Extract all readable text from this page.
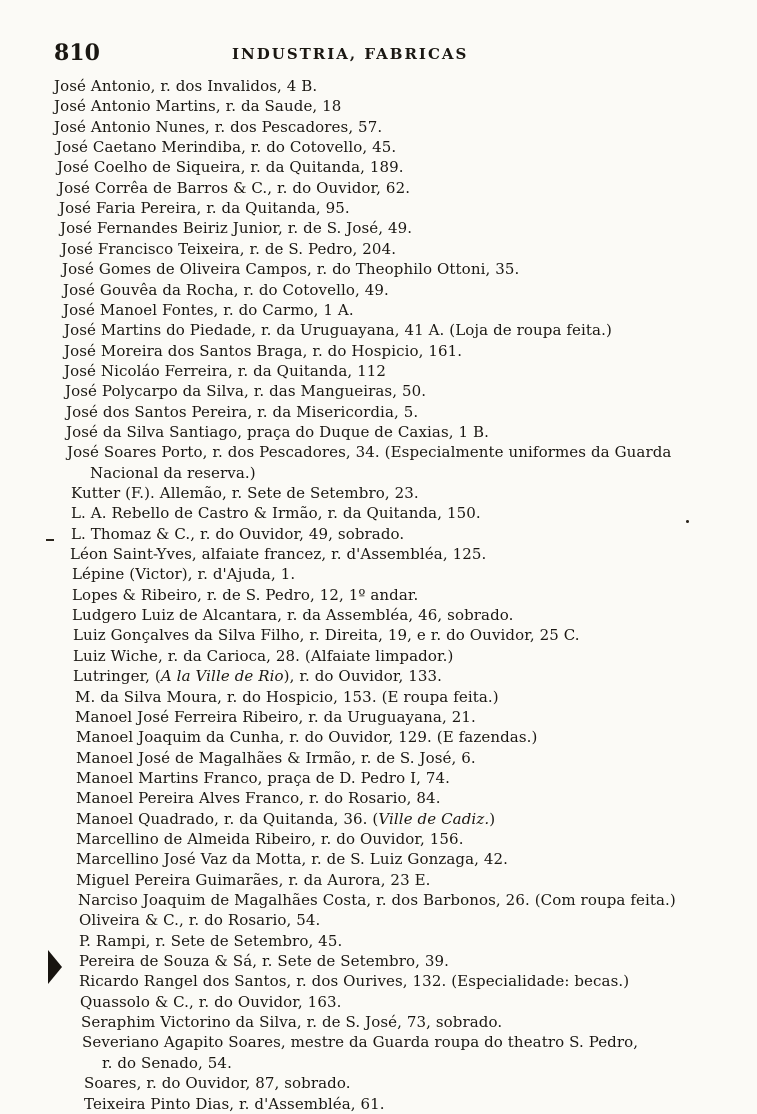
810	INDUSTRIA, FABRICAS
José Antonio, r. dos Invalidos, 4 B.
José Antonio Martins, r. da Saude, 18
José Antonio Nunes, r. dos Pescadores, 57.
José Caetano Merindiba, r. do Cotovello, 45.
José Coelho de Siqueira, r. da Quitanda, 189.
José Corrêa de Barros & C., r. do Ouvidor, 62.
José Faria Pereira, r. da Quitanda, 95.
José Fernandes Beiriz Junior, r. de S. José, 49.
José Francisco Teixeira, r. de S. Pedro, 204.
José Gomes de Oliveira Campos, r. do Theophilo Ottoni, 35.
José Gouvêa da Rocha, r. do Cotovello, 49.
José Manoel Fontes, r. do Carmo, 1 A.
José Martins do Piedade, r. da Uruguayana, 41 A. (Loja de roupa feita.)
José Moreira dos Santos Braga, r. do Hospicio, 161.
José Nicoláo Ferreira, r. da Quitanda, 112
José Polycarpo da Silva, r. das Mangueiras, 50.
José dos Santos Pereira, r. da Misericordia, 5.
José da Silva Santiago, praça do Duque de Caxias, 1 B.
José Soares Porto, r. dos Pescadores, 34. (Especialmente uniformes da Guarda
Nacional da reserva.)
Kutter (F.). Allemão, r. Sete de Setembro, 23.
L. A. Rebello de Castro & Irmão, r. da Quitanda, 150.
L. Thomaz & C., r. do Ouvidor, 49, sobrado.
Léon Saint-Yves, alfaiate francez, r. d'Assembléa, 125.
Lépine (Victor), r. d'Ajuda, 1.
Lopes & Ribeiro, r. de S. Pedro, 12, 1º andar.
Ludgero Luiz de Alcantara, r. da Assembléa, 46, sobrado.
Luiz Gonçalves da Silva Filho, r. Direita, 19, e r. do Ouvidor, 25 C.
Luiz Wiche, r. da Carioca, 28. (Alfaiate limpador.)
Lutringer, (A la Ville de Rio), r. do Ouvidor, 133.
M. da Silva Moura, r. do Hospicio, 153. (E roupa feita.)
Manoel José Ferreira Ribeiro, r. da Uruguayana, 21.
Manoel Joaquim da Cunha, r. do Ouvidor, 129. (E fazendas.)
Manoel José de Magalhães & Irmão, r. de S. José, 6.
Manoel Martins Franco, praça de D. Pedro I, 74.
Manoel Pereira Alves Franco, r. do Rosario, 84.
Manoel Quadrado, r. da Quitanda, 36. (Ville de Cadiz.)
Marcellino de Almeida Ribeiro, r. do Ouvidor, 156.
Marcellino José Vaz da Motta, r. de S. Luiz Gonzaga, 42.
Miguel Pereira Guimarães, r. da Aurora, 23 E.
Narciso Joaquim de Magalhães Costa, r. dos Barbonos, 26. (Com roupa feita.)
Oliveira & C., r. do Rosario, 54.
P. Rampi, r. Sete de Setembro, 45.
Pereira de Souza & Sá, r. Sete de Setembro, 39.
Ricardo Rangel dos Santos, r. dos Ourives, 132. (Especialidade: becas.)
Quassolo & C., r. do Ouvidor, 163.
Seraphim Victorino da Silva, r. de S. José, 73, sobrado.
Severiano Agapito Soares, mestre da Guarda roupa do theatro S. Pedro,
r. do Senado, 54.
Soares, r. do Ouvidor, 87, sobrado.
Teixeira Pinto Dias, r. d'Assembléa, 61.
